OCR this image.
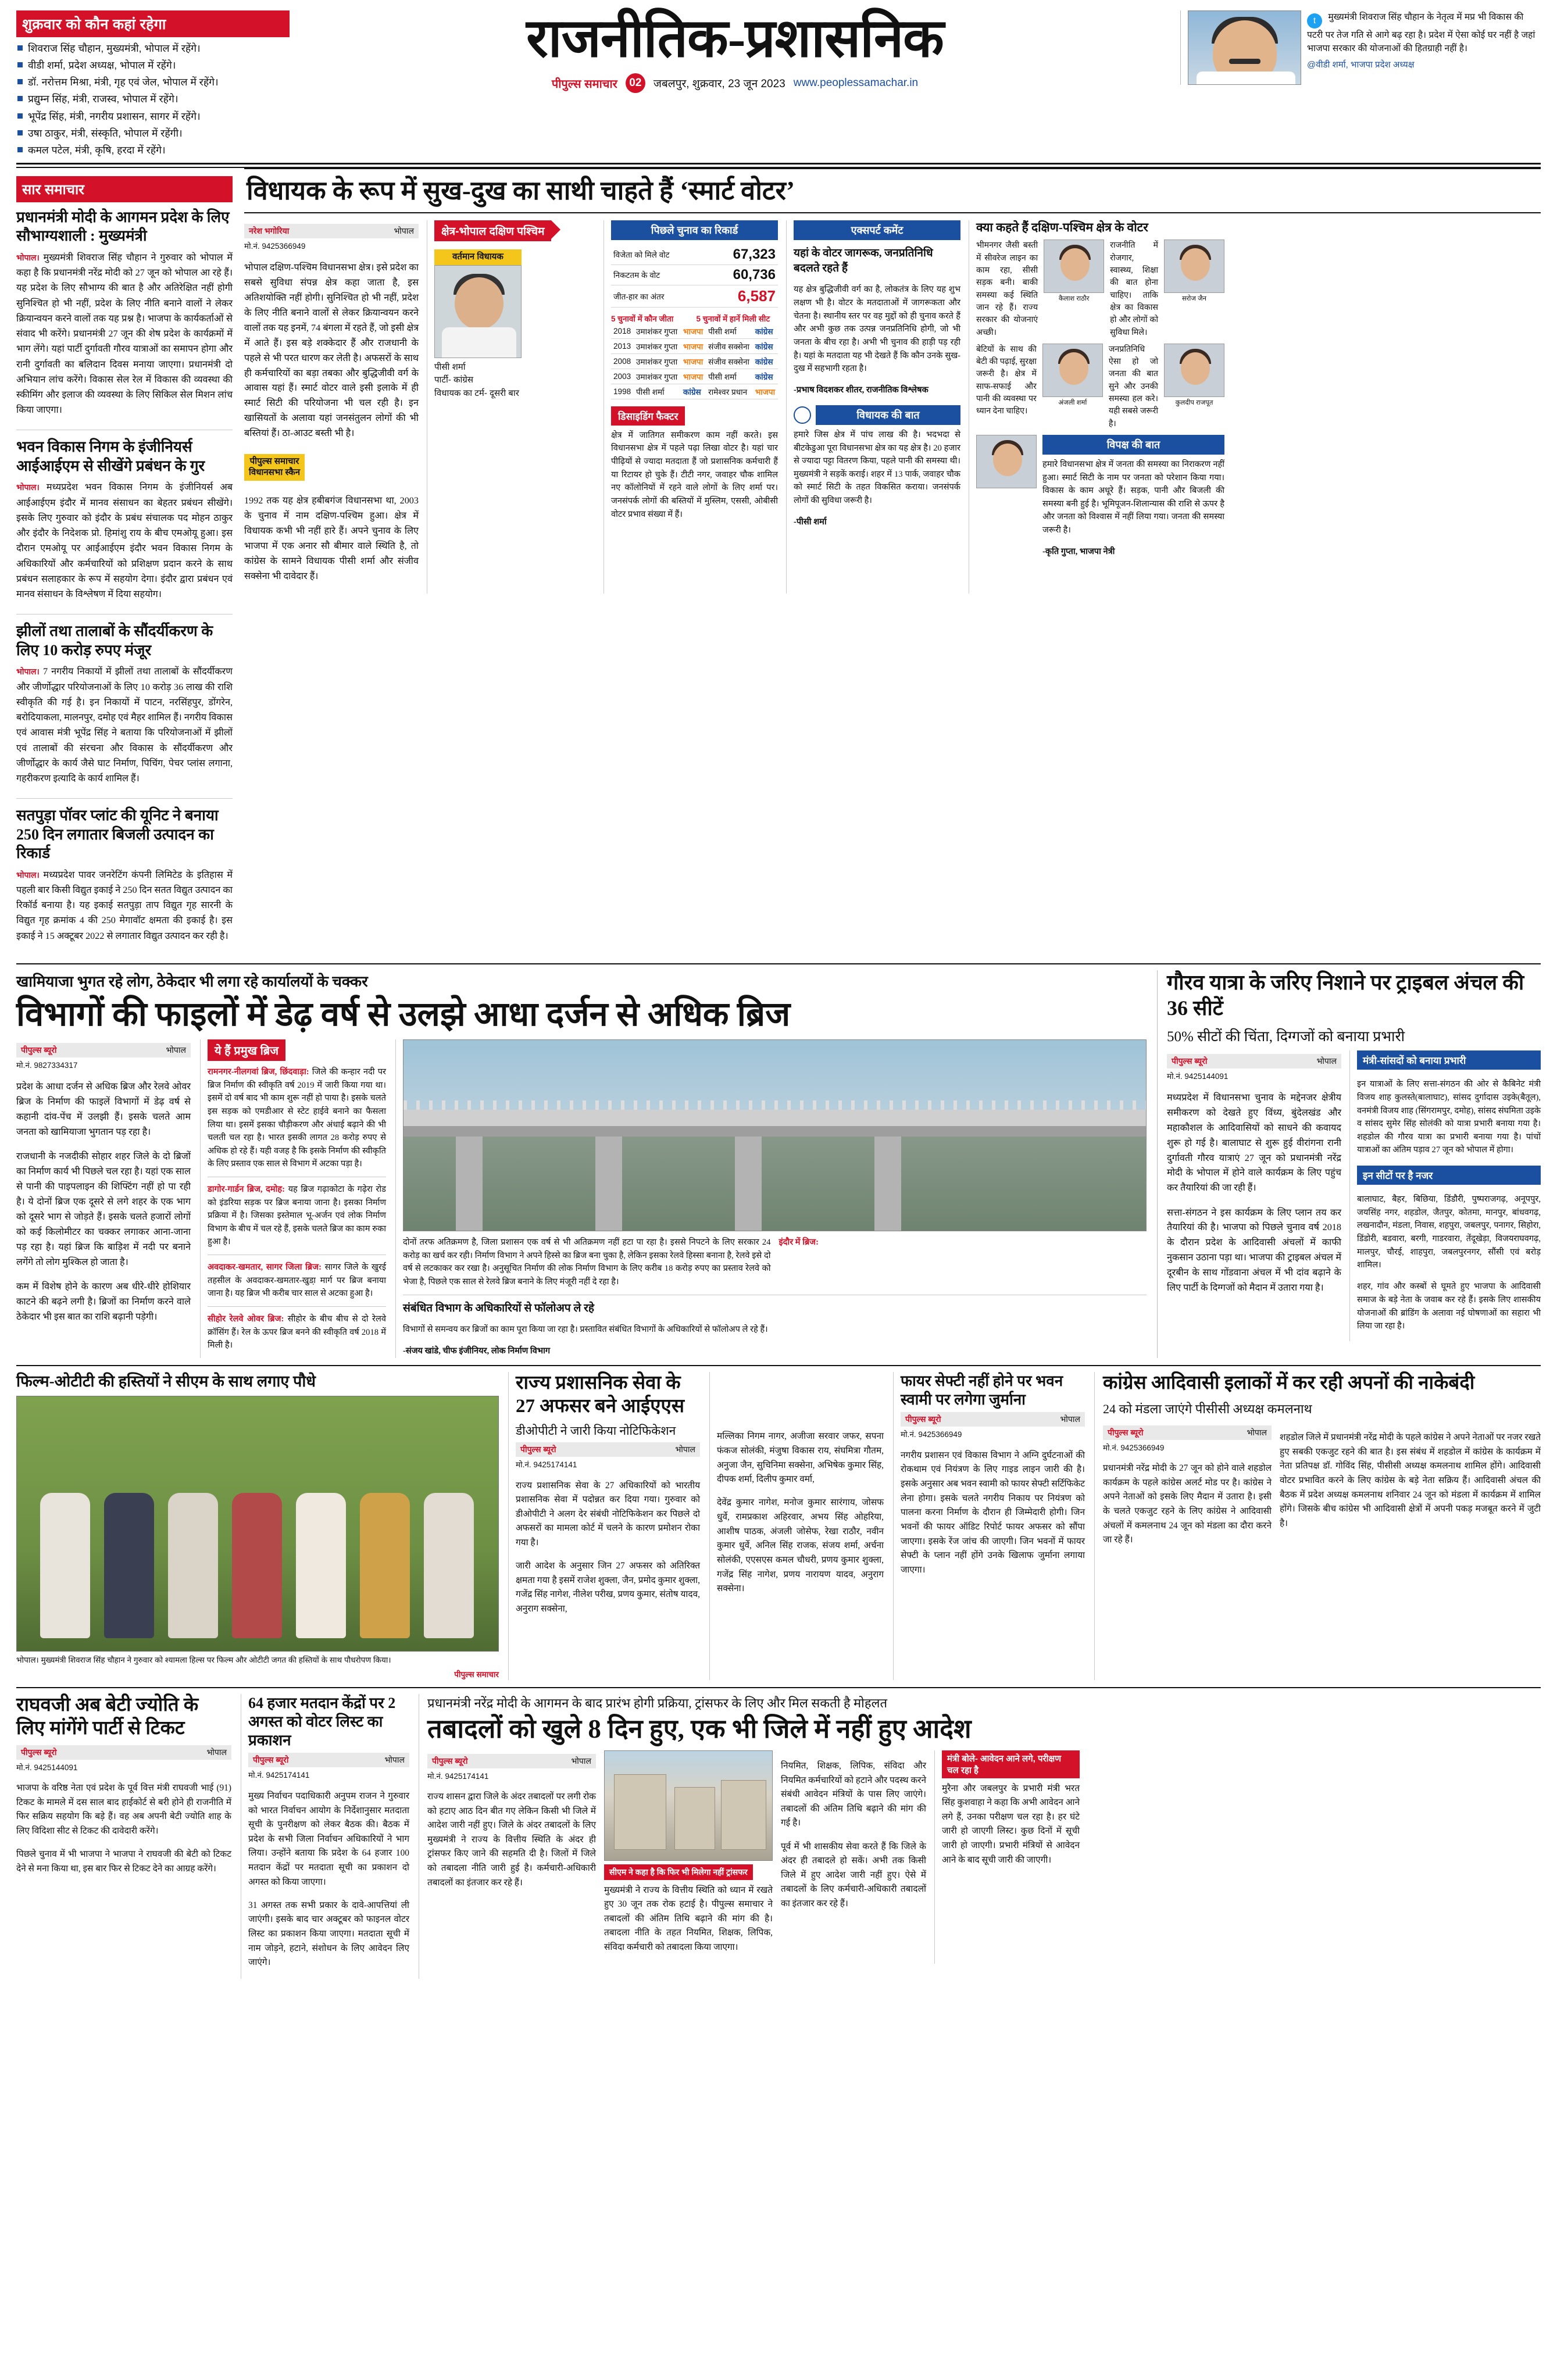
शुक्रवार को कौन कहां रहेगा
शिवराज सिंह चौहान, मुख्यमंत्री, भोपाल में रहेंगे।
वीडी शर्मा, प्रदेश अध्यक्ष, भोपाल में रहेंगे।
डॉ. नरोत्तम मिश्रा, मंत्री, गृह एवं जेल, भोपाल में रहेंगे।
प्रद्युम्न सिंह, मंत्री, राजस्व, भोपाल में रहेंगे।
भूपेंद्र सिंह, मंत्री, नगरीय प्रशासन, सागर में रहेंगे।
उषा ठाकुर, मंत्री, संस्कृति, भोपाल में रहेंगी।
कमल पटेल, मंत्री, कृषि, हरदा में रहेंगे।
राजनीतिक-प्रशासनिक
पीपुल्स समाचार	02	जबलपुर, शुक्रवार, 23 जून 2023 www.peoplessamachar.in
t मुख्यमंत्री शिवराज सिंह चौहान के नेतृत्व में मप्र भी विकास की पटरी पर तेज गति से आगे बढ़ रहा है। प्रदेश में ऐसा कोई घर नहीं है जहां भाजपा सरकार की योजनाओं की हितग्राही नहीं है।
@वीडी शर्मा, भाजपा प्रदेश अध्यक्ष
सार समाचार
प्रधानमंत्री मोदी के आगमन प्रदेश के लिए सौभाग्यशाली : मुख्यमंत्री

भोपाल। मुख्यमंत्री शिवराज सिंह चौहान ने गुरुवार को भोपाल में कहा है कि प्रधानमंत्री नरेंद्र मोदी को 27 जून को भोपाल आ रहे हैं। यह प्रदेश के लिए सौभाग्य की बात है और अतिरेक्षित नहीं होगी सुनिश्चित हो भी नहीं, प्रदेश के लिए नीति बनाने वालों ने लेकर क्रियान्वयन करने वालों तक यह प्रश्न है। भाजपा के कार्यकर्ताओं से संवाद भी करेंगे। प्रधानमंत्री 27 जून की शेष प्रदेश के कार्यक्रमों में भाग लेंगे। यहां पार्टी दुर्गावती गौरव यात्राओं का समापन होगा और रानी दुर्गावती का बलिदान दिवस मनाया जाएगा। प्रधानमंत्री दो अभियान लांच करेंगे। विकास सेल रेल में विकास की व्यवस्था की स्कीमिंग और इलाज की व्यवस्था के लिए सिकिल सेल मिशन लांच किया जाएगा।

भवन विकास निगम के इंजीनियर्स आईआईएम से सीखेंगे प्रबंधन के गुर

भोपाल। मध्यप्रदेश भवन विकास निगम के इंजीनियर्स अब आईआईएम इंदौर में मानव संसाधन का बेहतर प्रबंधन सीखेंगे। इसके लिए गुरुवार को इंदौर के प्रबंध संचालक पद मोहन ठाकुर और इंदौर के निदेशक प्रो. हिमांशु राय के बीच एमओयू हुआ। इस दौरान एमओयू पर आईआईएम इंदौर भवन विकास निगम के अधिकारियों और कर्मचारियों को प्रशिक्षण प्रदान करने के साथ प्रबंधन सलाहकार के रूप में सहयोग देगा। इंदौर द्वारा प्रबंधन एवं मानव संसाधन के विश्लेषण में दिया सहयोग।

झीलों तथा तालाबों के सौंदर्यीकरण के लिए 10 करोड़ रुपए मंजूर

भोपाल। 7 नगरीय निकायों में झीलों तथा तालाबों के सौंदर्यीकरण और जीर्णोद्धार परियोजनाओं के लिए 10 करोड़ 36 लाख की राशि स्वीकृति की गई है। इन निकायों में पाटन, नरसिंहपुर, डोंगरेन, बरोदियाकला, मालनपुर, दमोह एवं मैहर शामिल हैं। नगरीय विकास एवं आवास मंत्री भूपेंद्र सिंह ने बताया कि परियोजनाओं में झीलों एवं तालाबों की संरचना और विकास के सौंदर्यीकरण और जीर्णोद्धार के कार्य जैसे घाट निर्माण, पिचिंग, पेचर प्लांस लगाना, गहरीकरण इत्यादि के कार्य शामिल हैं।

सतपुड़ा पॉवर प्लांट की यूनिट ने बनाया 250 दिन लगातार बिजली उत्पादन का रिकार्ड

भोपाल। मध्यप्रदेश पावर जनरेटिंग कंपनी लिमिटेड के इतिहास में पहली बार किसी विद्युत इकाई ने 250 दिन सतत विद्युत उत्पादन का रिकॉर्ड बनाया है। यह इकाई सतपुड़ा ताप विद्युत गृह सारनी के विद्युत गृह क्रमांक 4 की 250 मेगावॉट क्षमता की इकाई है। इस इकाई ने 15 अक्टूबर 2022 से लगातार विद्युत उत्पादन कर रही है।

विधायक के रूप में सुख-दुख का साथी चाहते हैं ‘स्मार्ट वोटर’
नरेश भगोरिया	भोपाल
मो.नं. 9425366949

भोपाल दक्षिण-पश्चिम विधानसभा क्षेत्र। इसे प्रदेश का सबसे सुविधा संपन्न क्षेत्र कहा जाता है, इस अतिशयोक्ति नहीं होगी। सुनिश्चित हो भी नहीं, प्रदेश के लिए नीति बनाने वालों से लेकर क्रियान्वयन करने वालों तक यह इनमें, 74 बंगला में रहते हैं, जो इसी क्षेत्र में आते हैं। इस बड़े शक्केदार हैं और राजधानी के पहले से भी परत धारण कर लेती है। अफसरों के साथ ही कर्मचारियों का बड़ा तबका और बुद्धिजीवी वर्ग के आवास यहां हैं। स्मार्ट वोटर वाले इसी इलाके में ही स्मार्ट सिटी की परियोजना भी चल रही है। इन खासियतों के अलावा यहां जनसंतुलन लोगों की भी बस्तियां हैं। ठा-आउट बस्ती भी है।

पीपुल्स समाचार
विधानसभा स्कैन

1992 तक यह क्षेत्र हबीबगंज विधानसभा था, 2003 के चुनाव में नाम दक्षिण-पश्चिम हुआ। क्षेत्र में विधायक कभी भी नहीं हारे हैं। अपने चुनाव के लिए भाजपा में एक अनार सौ बीमार वाले स्थिति है, तो कांग्रेस के सामने विधायक पीसी शर्मा और संजीव सक्सेना भी दावेदार हैं।

क्षेत्र-भोपाल दक्षिण पश्चिम
वर्तमान विधायक
पीसी शर्मा
पार्टी- कांग्रेस
विधायक का टर्म- दूसरी बार
पिछले चुनाव का रिकार्ड
विजेता को मिले वोट	67,323
निकटतम के वोट	60,736
जीत-हार का अंतर	6,587
5 चुनावों में कौन जीता	5 चुनावों में हार्ने मिली सीट
2018	उमाशंकर गुप्ता	भाजपा	पीसी शर्मा	कांग्रेस
2013	उमाशंकर गुप्ता	भाजपा	संजीव सक्सेना	कांग्रेस
2008	उमाशंकर गुप्ता	भाजपा	संजीव सक्सेना	कांग्रेस
2003	उमाशंकर गुप्ता	भाजपा	पीसी शर्मा	कांग्रेस
1998	पीसी शर्मा	कांग्रेस	रामेश्वर प्रधान	भाजपा
डिसाइडिंग फैक्टर

क्षेत्र में जातिगत समीकरण काम नहीं करते। इस विधानसभा क्षेत्र में पहले पढ़ा लिखा वोटर है। यहां चार पीढ़ियों से ज्यादा मतदाता हैं जो प्रशासनिक कर्मचारी हैं या रिटायर हो चुके हैं। टीटी नगर, जवाहर चौक शामिल नए कॉलोनियों में रहने वाले लोगों के लिए शर्मा पर। जनसंपर्क लोगों की बस्तियों में मुस्लिम, एससी, ओबीसी वोटर प्रभाव संख्या में हैं।

एक्सपर्ट कमेंट
यहां के वोटर जागरूक, जनप्रतिनिधि बदलते रहते हैं

यह क्षेत्र बुद्धिजीवी वर्ग का है, लोकतंत्र के लिए यह शुभ लक्षण भी है। वोटर के मतदाताओं में जागरूकता और चेतना है। स्थानीय स्तर पर वह मुद्दों को ही चुनाव करते हैं और अभी कुछ तक उत्पन्न जनप्रतिनिधि होगी, जो भी जनता के बीच रहा है। अभी भी चुनाव की हाड़ी पड़ रही है। यहां के मतदाता यह भी देखते हैं कि कौन उनके सुख-दुख में सहभागी रहता है।

-प्रभाष विदशकर शीतर, राजनीतिक विश्लेषक
विधायक की बात

हमारे जिस क्षेत्र में पांच लाख की है। भदभदा से बीटकेडुआ पूरा विधानसभा क्षेत्र का यह क्षेत्र है। 20 हजार से ज्यादा पट्टा वितरण किया, पहले पानी की समस्या थी। मुख्यमंत्री ने सड़कें कराई। शहर में 13 पार्क, जवाहर चौक को स्मार्ट सिटी के तहत विकसित कराया। जनसंपर्क लोगों की सुविधा जरूरी है।

-पीसी शर्मा
क्या कहते हैं दक्षिण-पश्चिम क्षेत्र के वोटर
भीमनगर जैसी बस्ती में सीवरेज लाइन का काम रहा, सीसी सड़क बनी। बाकी समस्या कई स्थिति जान रहे हैं। राज्य सरकार की योजनाएं अच्छी।
कैलाश राठौर
राजनीति में रोजगार, स्वास्थ्य, शिक्षा की बात होना चाहिए। ताकि क्षेत्र का विकास हो और लोगों को सुविधा मिले।
सरोज जैन
बेटियों के साथ की बेटी की पढ़ाई, सुरक्षा जरूरी है। क्षेत्र में साफ-सफाई और पानी की व्यवस्था पर ध्यान देना चाहिए।
अंजली शर्मा
जनप्रतिनिधि ऐसा हो जो जनता की बात सुने और उनकी समस्या हल करे। यही सबसे जरूरी है।
कुलदीप राजपूत
विपक्ष की बात

हमारे विधानसभा क्षेत्र में जनता की समस्या का निराकरण नहीं हुआ। स्मार्ट सिटी के नाम पर जनता को परेशान किया गया। विकास के काम अधूरे हैं। सड़क, पानी और बिजली की समस्या बनी हुई है। भूमिपूजन-शिलान्यास की राशि से ऊपर है और जनता को विश्वास में नहीं लिया गया। जनता की समस्या जरूरी है।

-कृति गुप्ता, भाजपा नेत्री
खामियाजा भुगत रहे लोग, ठेकेदार भी लगा रहे कार्यालयों के चक्कर
विभागों की फाइलों में डेढ़ वर्ष से उलझे आधा दर्जन से अधिक ब्रिज
पीपुल्स ब्यूरो	भोपाल
मो.नं. 9827334317

प्रदेश के आधा दर्जन से अधिक ब्रिज और रेलवे ओवर ब्रिज के निर्माण की फाइलें विभागों में डेढ़ वर्ष से कहानी दांव-पेंच में उलझी हैं। इसके चलते आम जनता को खामियाजा भुगतान पड़ रहा है।

राजधानी के नजदीकी सोहार शहर जिले के दो ब्रिजों का निर्माण कार्य भी पिछले चल रहा है। यहां एक साल से पानी की पाइपलाइन की शिफ्टिंग नहीं हो पा रही है। ये दोनों ब्रिज एक दूसरे से लगे शहर के एक भाग को दूसरे भाग से जोड़ते हैं। इसके चलते हजारों लोगों को कई किलोमीटर का चक्कर लगाकर आना-जाना पड़ रहा है। यहां ब्रिज कि बाड़िश में नदी पर बनाने लगेंगे तो लोग मुश्किल हो जाता है।

कम में विशेष होने के कारण अब धीरे-धीरे होशियार काटने की बढ़ने लगी है। ब्रिजों का निर्माण करने वाले ठेकेदार भी इस बात का राशि बढ़ानी पड़ेगी।

ये हैं प्रमुख ब्रिज
रामनगर-नीलगवां ब्रिज, छिंदवाड़ा: जिले की कन्हार नदी पर ब्रिज निर्माण की स्वीकृति वर्ष 2019 में जारी किया गया था। इसमें दो वर्ष बाद भी काम शुरू नहीं हो पाया है। इसके चलते इस सड़क को एमडीआर से स्टेट हाईवे बनाने का फैसला लिया था। इसमें इसका चौड़ीकरण और अंधाई बढ़ाने की भी चलती चल रहा है। भारत इसकी लागत 28 करोड़ रुपए से अधिक हो रहे हैं। यही वजह है कि इसके निर्माण की स्वीकृति के लिए प्रस्ताव एक साल से विभाग में अटका पड़ा है।
डागोर-गार्डन ब्रिज, दमोह: यह ब्रिज गढ़ाकोटा के गढ़ेरा रोड को इंडरिया सड़क पर ब्रिज बनाया जाना है। इसका निर्माण प्रक्रिया में है। जिसका इस्तेमाल भू-अर्जन एवं लोक निर्माण विभाग के बीच में चल रहे हैं, इसके चलते ब्रिज का काम रुका हुआ है।
अवदाकर-खमतार, सागर जिला ब्रिज: सागर जिले के खुरई तहसील के अवदाकर-खमतार-खुडा़ मार्ग पर ब्रिज बनाया जाना है। यह ब्रिज भी करीब चार साल से अटका हुआ है।
सीहोर रेलवे ओवर ब्रिज: सीहोर के बीच बीच से दो रेलवे क्रॉसिंग हैं। रेल के ऊपर ब्रिज बनने की स्वीकृति वर्ष 2018 में मिली है।
दोनों तरफ अतिक्रमण है, जिला प्रशासन एक वर्ष से भी अतिक्रमण नहीं हटा पा रहा है। इससे निपटने के लिए सरकार 24 करोड़ का खर्च कर रही। निर्माण विभाग ने अपने हिस्से का ब्रिज बना चुका है, लेकिन इसका रेलवे हिस्सा बनाना है, रेलवे इसे दो वर्ष से लटकाकर कर रखा है। अनुसूचित निर्माण की लोक निर्माण विभाग के लिए करीब 18 करोड़ रुपए का प्रस्ताव रेलवे को भेजा है, पिछले एक साल से रेलवे ब्रिज बनाने के लिए मंजूरी नहीं दे रहा है।
इंदौर में ब्रिज:
संबंधित विभाग के अधिकारियों से फॉलोअप ले रहे

विभागों से समन्वय कर ब्रिजों का काम पूरा किया जा रहा है। प्रस्तावित संबंधित विभागों के अधिकारियों से फॉलोअप ले रहे हैं।

-संजय खांडे, चीफ इंजीनियर, लोक निर्माण विभाग
गौरव यात्रा के जरिए निशाने पर ट्राइबल अंचल की 36 सीटें
50% सीटों की चिंता, दिग्गजों को बनाया प्रभारी
पीपुल्स ब्यूरो	भोपाल
मो.नं. 9425144091

मध्यप्रदेश में विधानसभा चुनाव के मद्देनजर क्षेत्रीय समीकरण को देखते हुए विंध्य, बुंदेलखंड और महाकौशल के आदिवासियों को साधने की कवायद शुरू हो गई है। बालाघाट से शुरू हुई वीरांगना रानी दुर्गावती गौरव यात्राएं 27 जून को प्रधानमंत्री नरेंद्र मोदी के भोपाल में होने वाले कार्यक्रम के लिए पहुंच कर तैयारियां की जा रही हैं।

सत्ता-संगठन ने इस कार्यक्रम के लिए प्लान तय कर तैयारियां की है। भाजपा को पिछले चुनाव वर्ष 2018 के दौरान प्रदेश के आदिवासी अंचलों में काफी नुकसान उठाना पड़ा था। भाजपा की ट्राइबल अंचल में दूरबीन के साथ गोंडवाना अंचल में भी दांव बढ़ाने के लिए पार्टी के दिग्गजों को मैदान में उतारा गया है।

मंत्री-सांसदों को बनाया प्रभारी

इन यात्राओं के लिए सत्ता-संगठन की ओर से कैबिनेट मंत्री विजय शाह कुलस्ते(बालाघाट), सांसद दुर्गादास उइके(बैतूल), वनमंत्री विजय शाह (सिंगरामपुर, दमोह), सांसद संघमिता उइके व सांसद सुमेर सिंह सोलंकी को यात्रा प्रभारी बनाया गया है। शहडोल की गौरव यात्रा का प्रभारी बनाया गया है। पांचों यात्राओं का अंतिम पड़ाव 27 जून को भोपाल में होगा।

इन सीटों पर है नजर

बालाघाट, बैहर, बिछिया, डिंडौरी, पुष्पराजगढ़, अनूपपुर, जयसिंह नगर, शहडोल, जैतपुर, कोतमा, मानपुर, बांधवगढ़, लखनादौन, मंडला, निवास, शहपुरा, जबलपुर, पनागर, सिहोरा, डिंडोरी, बडवारा, बरगी, गाडरवारा, तेंदूखेड़ा, विजयराघवगढ़, मालपुर, चौरई, शाहपुरा, जबलपुरनगर, सौंसी एवं बरोड़ शामिल।

शहर, गांव और कस्बों से घूमते हुए भाजपा के आदिवासी समाज के बड़े नेता के जवाब कर रहे हैं। इसके लिए शासकीय योजनाओं की ब्रांडिंग के अलावा नई घोषणाओं का सहारा भी लिया जा रहा है।

फिल्म-ओटीटी की हस्तियों ने सीएम के साथ लगाए पौधे
भोपाल। मुख्यमंत्री शिवराज सिंह चौहान ने गुरुवार को श्यामला हिल्स पर फिल्म और ओटीटी जगत की हस्तियों के साथ पौधरोपण किया।
पीपुल्स समाचार
राज्य प्रशासनिक सेवा के 27 अफसर बने आईएएस
डीओपीटी ने जारी किया नोटिफिकेशन
पीपुल्स ब्यूरो	भोपाल
मो.नं. 9425174141

राज्य प्रशासनिक सेवा के 27 अधिकारियों को भारतीय प्रशासनिक सेवा में पदोन्नत कर दिया गया। गुरुवार को डीओपीटी ने अलग देर संबंधी नोटिफिकेशन कर पिछले दो अफसरों का मामला कोर्ट में चलने के कारण प्रमोशन रोका गया है।

जारी आदेश के अनुसार जिन 27 अफसर को अतिरिक्त क्षमता गया है इसमें राजेश शुक्ला, जैन, प्रमोद कुमार शुक्ला, गजेंद्र सिंह नागेश, नीलेश परीख, प्रणय कुमार, संतोष यादव, अनुराग सक्सेना,

मल्लिका निगम नागर, अजीजा सरवार जफर, सपना फंकज सोलंकी, मंजुषा विकास राय, संघमित्रा गौतम, अनुजा जैन, सुचिनिमा सक्सेना, अभिषेक कुमार सिंह, दीपक शर्मा, दिलीप कुमार वर्मा,

देवेंद्र कुमार नागेश, मनोज कुमार सारंगाय, जोसफ धुर्वे, रामप्रकाश अहिरवार, अभय सिंह ओहरिया, आशीष पाठक, अंजली जोसेफ, रेखा राठौर, नवीन कुमार धुर्वे, अनिल सिंह राजक, संजय शर्मा, अर्चना सोलंकी, एएसएस कमल चौधरी, प्रणय कुमार शुक्ला, गजेंद्र सिंह नागेश, प्रणय नारायण यादव, अनुराग सक्सेना।

फायर सेफ्टी नहीं होने पर भवन स्वामी पर लगेगा जुर्माना
पीपुल्स ब्यूरो	भोपाल
मो.नं. 9425366949

नगरीय प्रशासन एवं विकास विभाग ने अग्नि दुर्घटनाओं की रोकथाम एवं नियंत्रण के लिए गाइड लाइन जारी की है। इसके अनुसार अब भवन स्वामी को फायर सेफ्टी सर्टिफिकेट लेना होगा। इसके चलते नगरीय निकाय पर नियंत्रण को पालना करना निर्माण के दौरान ही जिम्मेदारी होगी। जिन भवनों की फायर ऑडिट रिपोर्ट फायर अफसर को सौंपा जाएगा। इसके रेंज जांच की जाएगी। जिन भवनों में फायर सेफ्टी के प्लान नहीं होंगे उनके खिलाफ जुर्माना लगाया जाएगा।

कांग्रेस आदिवासी इलाकों में कर रही अपनों की नाकेबंदी
24 को मंडला जाएंगे पीसीसी अध्यक्ष कमलनाथ
पीपुल्स ब्यूरो	भोपाल
मो.नं. 9425366949

प्रधानमंत्री नरेंद्र मोदी के 27 जून को होने वाले शहडोल कार्यक्रम के पहले कांग्रेस अलर्ट मोड पर है। कांग्रेस ने अपने नेताओं को इसके लिए मैदान में उतारा है। इसी के चलते एकजुट रहने के लिए कांग्रेस ने आदिवासी अंचलों में कमलनाथ 24 जून को मंडला का दौरा करने जा रहे हैं।

शहडोल जिले में प्रधानमंत्री नरेंद्र मोदी के पहले कांग्रेस ने अपने नेताओं पर नजर रखते हुए सबकी एकजुट रहने की बात है। इस संबंध में शहडोल में कांग्रेस के कार्यक्रम में नेता प्रतिपक्ष डॉ. गोविंद सिंह, पीसीसी अध्यक्ष कमलनाथ शामिल होंगे। आदिवासी वोटर प्रभावित करने के लिए कांग्रेस के बड़े नेता सक्रिय हैं। आदिवासी अंचल की बैठक में प्रदेश अध्यक्ष कमलनाथ शनिवार 24 जून को मंडला में कार्यक्रम में शामिल होंगे। जिसके बीच कांग्रेस भी आदिवासी क्षेत्रों में अपनी पकड़ मजबूत करने में जुटी है।

राघवजी अब बेटी ज्योति के लिए मांगेंगे पार्टी से टिकट
पीपुल्स ब्यूरो	भोपाल
मो.नं. 9425144091

भाजपा के वरिष्ठ नेता एवं प्रदेश के पूर्व वित्त मंत्री राघवजी भाई (91) टिकट के मामले में दस साल बाद हाईकोर्ट से बरी होने ही राजनीति में फिर सक्रिय सहयोग कि बड़े हैं। वह अब अपनी बेटी ज्योति शाह के लिए विदिशा सीट से टिकट की दावेदारी करेंगे।

पिछले चुनाव में भी भाजपा ने भाजपा ने राघवजी की बेटी को टिकट देने से मना किया था, इस बार फिर से टिकट देने का आग्रह करेंगे।

64 हजार मतदान केंद्रों पर 2 अगस्त को वोटर लिस्ट का प्रकाशन
पीपुल्स ब्यूरो	भोपाल
मो.नं. 9425174141

मुख्य निर्वाचन पदाधिकारी अनुपम राजन ने गुरुवार को भारत निर्वाचन आयोग के निर्देशानुसार मतदाता सूची के पुनरीक्षण को लेकर बैठक की। बैठक में प्रदेश के सभी जिला निर्वाचन अधिकारियों ने भाग लिया। उन्होंने बताया कि प्रदेश के 64 हजार 100 मतदान केंद्रों पर मतदाता सूची का प्रकाशन दो अगस्त को किया जाएगा।

31 अगस्त तक सभी प्रकार के दावे-आपत्तियां ली जाएंगी। इसके बाद चार अक्टूबर को फाइनल वोटर लिस्ट का प्रकाशन किया जाएगा। मतदाता सूची में नाम जोड़ने, हटाने, संशोधन के लिए आवेदन लिए जाएंगे।

प्रधानमंत्री नरेंद्र मोदी के आगमन के बाद प्रारंभ होगी प्रक्रिया, ट्रांसफर के लिए और मिल सकती है मोहलत
तबादलों को खुले 8 दिन हुए, एक भी जिले में नहीं हुए आदेश
पीपुल्स ब्यूरो	भोपाल
मो.नं. 9425174141

राज्य शासन द्वारा जिले के अंदर तबादलों पर लगी रोक को हटाए आठ दिन बीत गए लेकिन किसी भी जिले में आदेश जारी नहीं हुए। जिले के अंदर तबादलों के लिए मुख्यमंत्री ने राज्य के वित्तीय स्थिति के अंदर ही ट्रांसफर किए जाने की सहमति दी है। जिलों में जिले को तबादला नीति जारी हुई है। कर्मचारी-अधिकारी तबादलों का इंतजार कर रहे हैं।

सीएम ने कहा है कि फिर भी मिलेगा नहीं ट्रांसफर

मुख्यमंत्री ने राज्य के वित्तीय स्थिति को ध्यान में रखते हुए 30 जून तक रोक हटाई है। पीपुल्स समाचार ने तबादलों की अंतिम तिथि बढ़ाने की मांग की है। तबादला नीति के तहत नियमित, शिक्षक, लिपिक, संविदा कर्मचारी को तबादला किया जाएगा।

नियमित, शिक्षक, लिपिक, संविदा और नियमित कर्मचारियों को हटाने और पदस्थ करने संबंधी आवेदन मंत्रियों के पास लिए जाएंगे। तबादलों की अंतिम तिथि बढ़ाने की मांग की गई है।

पूर्व में भी शासकीय सेवा करते हैं कि जिले के अंदर ही तबादले हो सकें। अभी तक किसी जिले में हुए आदेश जारी नहीं हुए। ऐसे में तबादलों के लिए कर्मचारी-अधिकारी तबादलों का इंतजार कर रहे हैं।

मंत्री बोले- आवेदन आने लगे, परीक्षण चल रहा है

मुरैना और जबलपुर के प्रभारी मंत्री भरत सिंह कुशवाहा ने कहा कि अभी आवेदन आने लगे हैं, उनका परीक्षण चल रहा है। हर घंटे जारी हो जाएगी लिस्ट। कुछ दिनों में सूची जारी हो जाएगी। प्रभारी मंत्रियों से आवेदन आने के बाद सूची जारी की जाएगी।
